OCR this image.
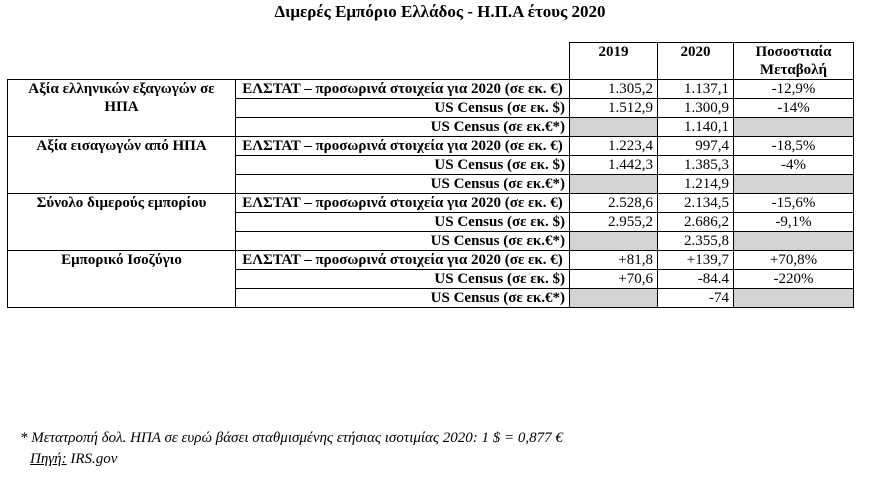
Διμερές Εμπόριο Ελλάδος - Η.Π.Α έτους 2020
		2019	2020	Ποσοστιαία Μεταβολή
Αξία ελληνικών εξαγωγών σε ΗΠΑ	ΕΛΣΤΑΤ – προσωρινά στοιχεία για 2020 (σε εκ. €)	1.305,2	1.137,1	-12,9%
	US Census (σε εκ. $)	1.512,9	1.300,9	-14%
	US Census (σε εκ.€*)		1.140,1	
Αξία εισαγωγών από ΗΠΑ	ΕΛΣΤΑΤ – προσωρινά στοιχεία για 2020 (σε εκ. €)	1.223,4	997,4	-18,5%
	US Census (σε εκ. $)	1.442,3	1.385,3	-4%
	US Census (σε εκ.€*)		1.214,9	
Σύνολο διμερούς εμπορίου	ΕΛΣΤΑΤ – προσωρινά στοιχεία για 2020 (σε εκ. €)	2.528,6	2.134,5	-15,6%
	US Census (σε εκ. $)	2.955,2	2.686,2	-9,1%
	US Census (σε εκ.€*)		2.355,8	
Εμπορικό Ισοζύγιο	ΕΛΣΤΑΤ – προσωρινά στοιχεία για 2020 (σε εκ. €)	+81,8	+139,7	+70,8%
	US Census (σε εκ. $)	+70,6	-84.4	-220%
	US Census (σε εκ.€*)		-74	
* Μετατροπή δολ. ΗΠΑ σε ευρώ βάσει σταθμισμένης ετήσιας ισοτιμίας 2020: 1 $ = 0,877 €
Πηγή: IRS.gov
